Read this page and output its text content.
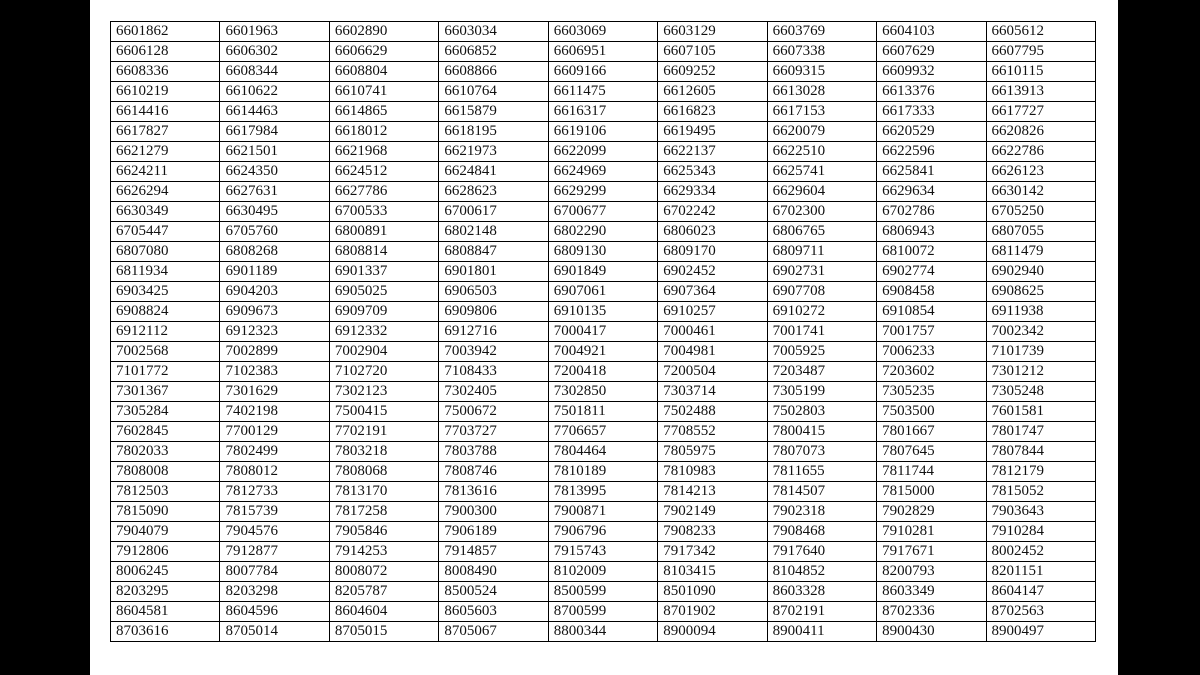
6601862	6601963	6602890	6603034	6603069	6603129	6603769	6604103	6605612
6606128	6606302	6606629	6606852	6606951	6607105	6607338	6607629	6607795
6608336	6608344	6608804	6608866	6609166	6609252	6609315	6609932	6610115
6610219	6610622	6610741	6610764	6611475	6612605	6613028	6613376	6613913
6614416	6614463	6614865	6615879	6616317	6616823	6617153	6617333	6617727
6617827	6617984	6618012	6618195	6619106	6619495	6620079	6620529	6620826
6621279	6621501	6621968	6621973	6622099	6622137	6622510	6622596	6622786
6624211	6624350	6624512	6624841	6624969	6625343	6625741	6625841	6626123
6626294	6627631	6627786	6628623	6629299	6629334	6629604	6629634	6630142
6630349	6630495	6700533	6700617	6700677	6702242	6702300	6702786	6705250
6705447	6705760	6800891	6802148	6802290	6806023	6806765	6806943	6807055
6807080	6808268	6808814	6808847	6809130	6809170	6809711	6810072	6811479
6811934	6901189	6901337	6901801	6901849	6902452	6902731	6902774	6902940
6903425	6904203	6905025	6906503	6907061	6907364	6907708	6908458	6908625
6908824	6909673	6909709	6909806	6910135	6910257	6910272	6910854	6911938
6912112	6912323	6912332	6912716	7000417	7000461	7001741	7001757	7002342
7002568	7002899	7002904	7003942	7004921	7004981	7005925	7006233	7101739
7101772	7102383	7102720	7108433	7200418	7200504	7203487	7203602	7301212
7301367	7301629	7302123	7302405	7302850	7303714	7305199	7305235	7305248
7305284	7402198	7500415	7500672	7501811	7502488	7502803	7503500	7601581
7602845	7700129	7702191	7703727	7706657	7708552	7800415	7801667	7801747
7802033	7802499	7803218	7803788	7804464	7805975	7807073	7807645	7807844
7808008	7808012	7808068	7808746	7810189	7810983	7811655	7811744	7812179
7812503	7812733	7813170	7813616	7813995	7814213	7814507	7815000	7815052
7815090	7815739	7817258	7900300	7900871	7902149	7902318	7902829	7903643
7904079	7904576	7905846	7906189	7906796	7908233	7908468	7910281	7910284
7912806	7912877	7914253	7914857	7915743	7917342	7917640	7917671	8002452
8006245	8007784	8008072	8008490	8102009	8103415	8104852	8200793	8201151
8203295	8203298	8205787	8500524	8500599	8501090	8603328	8603349	8604147
8604581	8604596	8604604	8605603	8700599	8701902	8702191	8702336	8702563
8703616	8705014	8705015	8705067	8800344	8900094	8900411	8900430	8900497
